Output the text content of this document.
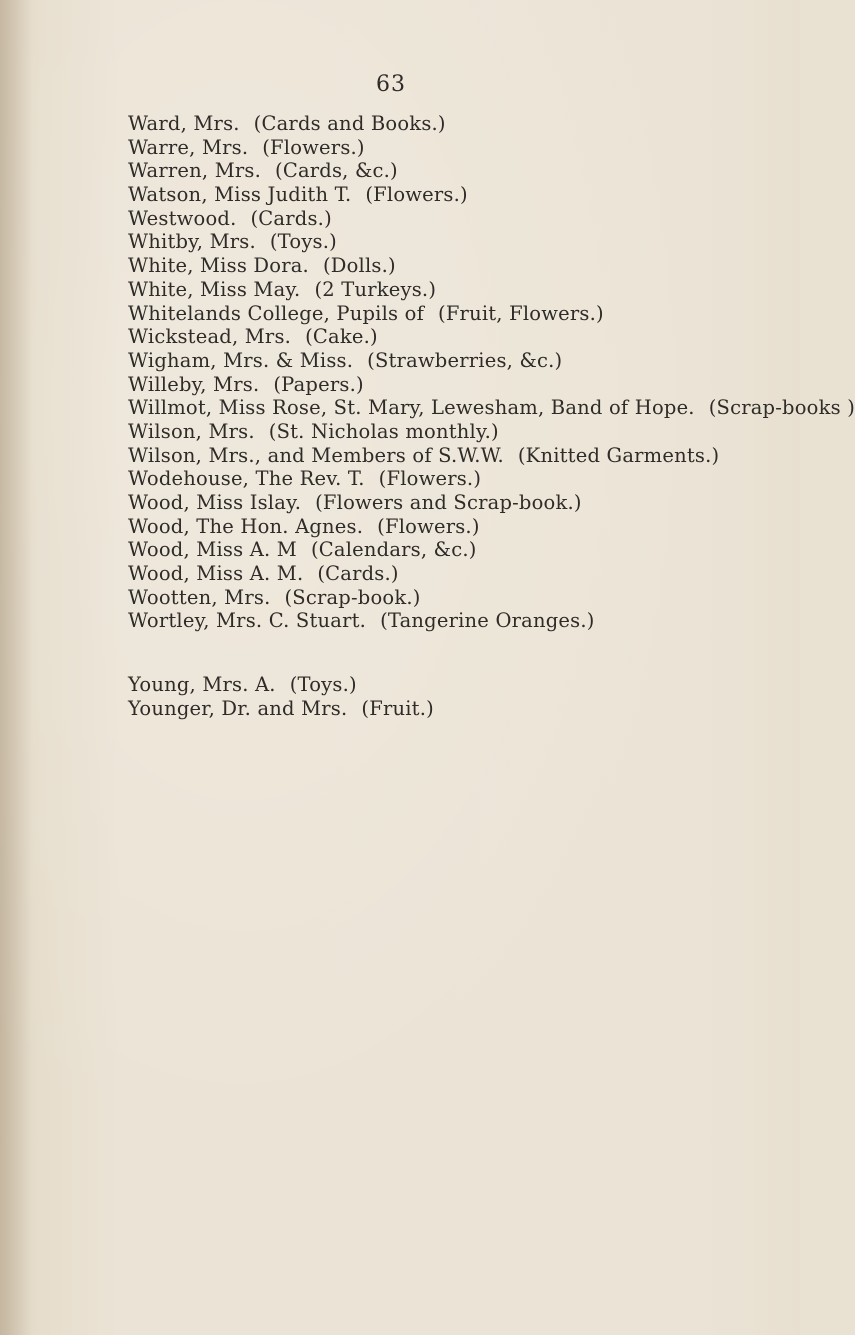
63
Ward, Mrs. (Cards and Books.)
Warre, Mrs. (Flowers.)
Warren, Mrs. (Cards, &c.)
Watson, Miss Judith T. (Flowers.)
Westwood. (Cards.)
Whitby, Mrs. (Toys.)
White, Miss Dora. (Dolls.)
White, Miss May. (2 Turkeys.)
Whitelands College, Pupils of (Fruit, Flowers.)
Wickstead, Mrs. (Cake.)
Wigham, Mrs. & Miss. (Strawberries, &c.)
Willeby, Mrs. (Papers.)
Willmot, Miss Rose, St. Mary, Lewesham, Band of Hope. (Scrap-books )
Wilson, Mrs. (St. Nicholas monthly.)
Wilson, Mrs., and Members of S.W.W. (Knitted Garments.)
Wodehouse, The Rev. T. (Flowers.)
Wood, Miss Islay. (Flowers and Scrap-book.)
Wood, The Hon. Agnes. (Flowers.)
Wood, Miss A. M (Calendars, &c.)
Wood, Miss A. M. (Cards.)
Wootten, Mrs. (Scrap-book.)
Wortley, Mrs. C. Stuart. (Tangerine Oranges.)
Young, Mrs. A. (Toys.)
Younger, Dr. and Mrs. (Fruit.)
